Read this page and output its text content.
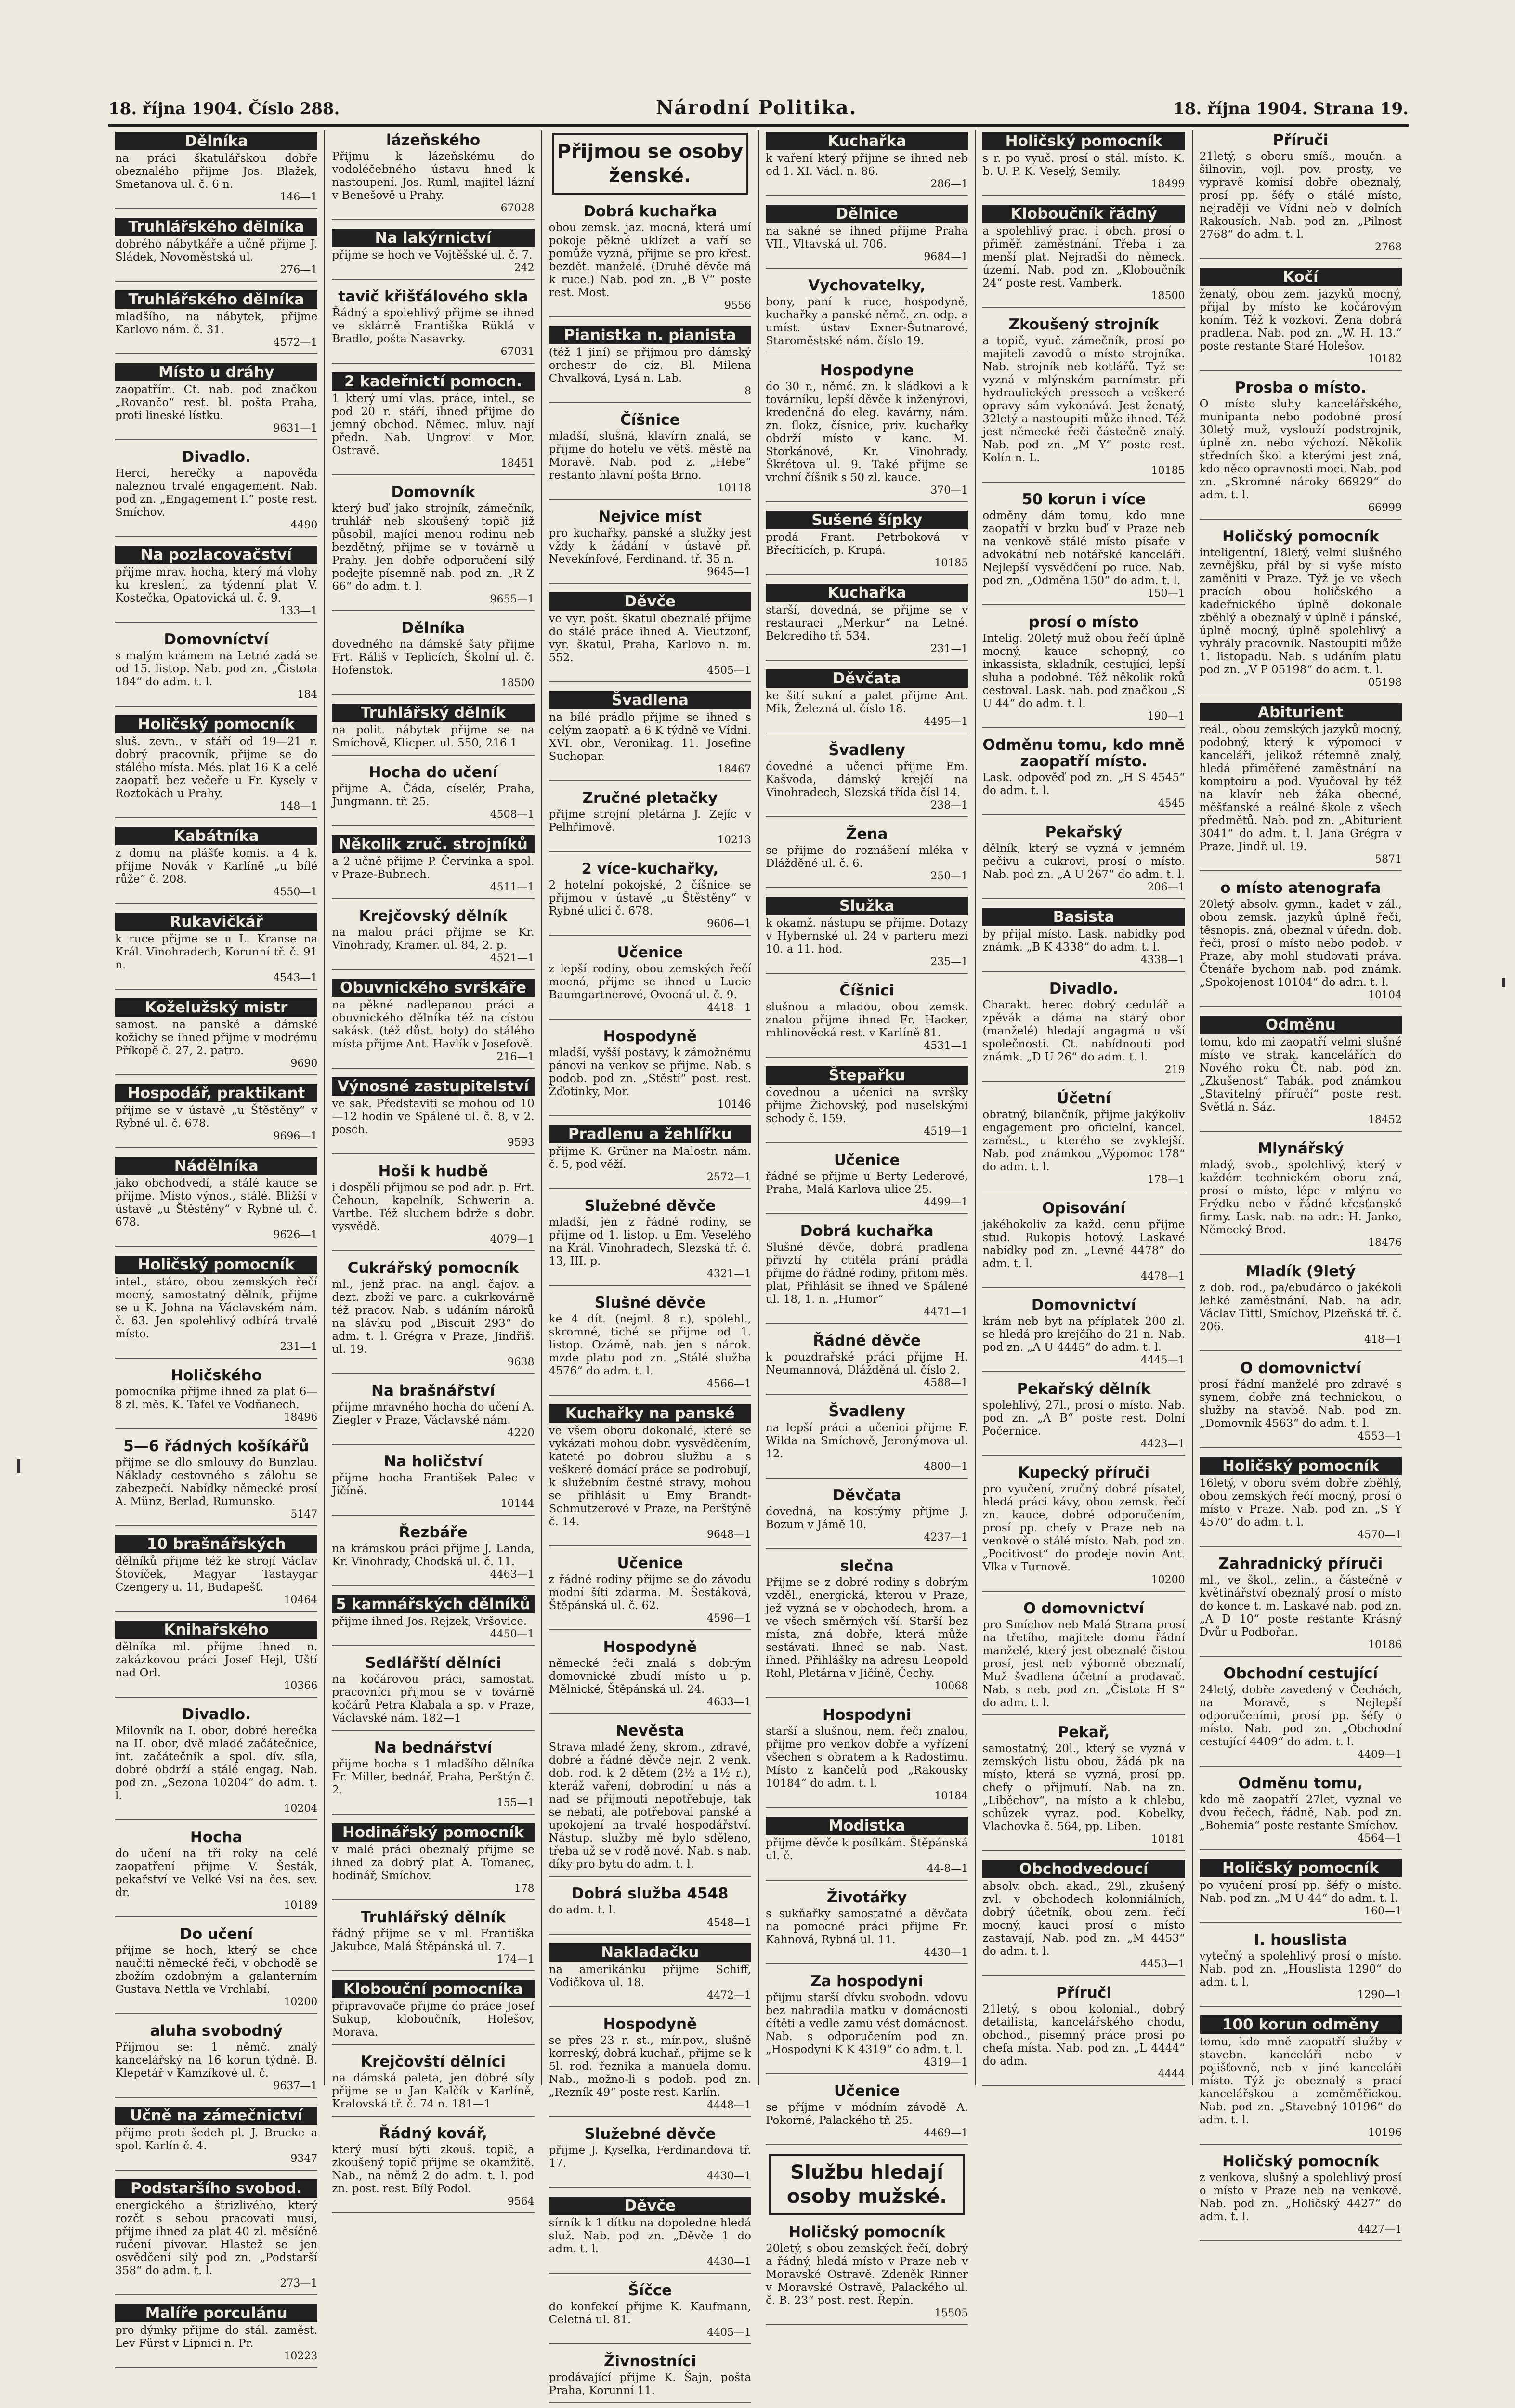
18. října 1904. Číslo 288.	Národní Politika.	18. října 1904. Strana 19.
Dělníka

na práci škatulářskou dobře obeznalého přijme Jos. Blažek, Smetanova ul. č. 6 n.

146—1
Truhlářského dělníka

dobrého nábytkáře a učně přijme J. Sládek, Novoměstská ul.

276—1
Truhlářského dělníka

mladšího, na nábytek, přijme Karlovo nám. č. 31.

4572—1
Místo u dráhy

zaopatřím. Ct. nab. pod značkou „Rovančo“ rest. bl. pošta Praha, proti lineské lístku.

9631—1
Divadlo.

Herci, herečky a napověda naleznou trvalé engagement. Nab. pod zn. „Engagement I.“ poste rest. Smíchov.

4490
Na pozlacovačství

přijme mrav. hocha, který má vlohy ku kreslení, za týdenní plat V. Kostečka, Opatovická ul. č. 9.

133—1
Domovníctví

s malým krámem na Letné zadá se od 15. listop. Nab. pod zn. „Čistota 184“ do adm. t. l.

184
Holičský pomocník

sluš. zevn., v stáří od 19—21 r. dobrý pracovník, přijme se do stálého místa. Més. plat 16 K a celé zaopatř. bez večeře u Fr. Kysely v Roztokách u Prahy.

148—1
Kabátníka

z domu na plášťe komis. a 4 k. přijme Novák v Karlíně „u bílé růže“ č. 208.

4550—1
Rukavičkář

k ruce přijme se u L. Kranse na Král. Vinohradech, Korunní tř. č. 91 n.

4543—1
Koželužský mistr

samost. na panské a dámské kožichy se ihned přijme v modrému Příkopě č. 27, 2. patro.

9690
Hospodář, praktikant

přijme se v ústavě „u Štěstěny“ v Rybné ul. č. 678.

9696—1
Nádělníka

jako obchodvedí, a stálé kauce se přijme. Místo výnos., stálé. Bližší v ústavě „u Štěstěny“ v Rybné ul. č. 678.

9626—1
Holičský pomocník

intel., stáro, obou zemských řečí mocný, samostatný dělník, přijme se u K. Johna na Václavském nám. č. 63. Jen spolehlivý odbírá trvalé místo.

231—1
Holičského

pomocníka přijme ihned za plat 6—8 zl. měs. K. Tafel ve Vodňanech.

18496
5—6 řádných košíkářů

přijme se dlo smlouvy do Bunzlau. Náklady cestovného s zálohu se zabezpečí. Nabídky německé prosí A. Münz, Berlad, Rumunsko.

5147
10 brašnářských

dělníků přijme též ke strojí Václav Štovíček, Magyar Tastaygar Czengery u. 11, Budapešť.

10464
Knihařského

dělníka ml. přijme ihned n. zakázkovou práci Josef Hejl, Uští nad Orl.

10366
Divadlo.

Milovník na I. obor, dobré herečka na II. obor, dvě mladé začátečnice, int. začátečník a spol. dív. síla, dobré obdrží a stálé engag. Nab. pod zn. „Sezona 10204“ do adm. t. l.

10204
Hocha

do učení na tři roky na celé zaopatření přijme V. Šesták, pekařství ve Velké Vsi na čes. sev. dr.

10189
Do učení

přijme se hoch, který se chce naučiti německé řeči, v obchodě se zbožím ozdobným a galanterním Gustava Nettla ve Vrchlabí.

10200
aluha svobodný

Přijmou se: 1 němč. znalý kancelářský na 16 korun týdně. B. Klepetář v Kamzíkové ul. č.

9637—1
Učně na zámečnictví

přijme proti šedeh pl. J. Brucke a spol. Karlín č. 4.

9347
Podstaršího svobod.

energického a štrizlivého, který rozčt s sebou pracovati musí, přijme ihned za plat 40 zl. měsíčně ručení pivovar. Hlastež se jen osvědčení silý pod zn. „Podstarší 358“ do adm. t. l.

273—1
Malíře porculánu

pro dýmky přijme do stál. zaměst. Lev Fürst v Lipnici n. Pr.

10223
lázeňského

Přijmu k lázeňskému do vodoléčebného ústavu hned k nastoupení. Jos. Ruml, majitel lázní v Benešově u Prahy.

67028
Na lakýrnictví

přijme se hoch ve Vojtěšské ul. č. 7.

242
tavič křišťálového skla

Řádný a spolehlivý přijme se ihned ve sklárně Františka Rüklá v Bradlo, pošta Nasavrky.

67031
2 kadeřnictí pomocn.

1 který umí vlas. práce, intel., se pod 20 r. stáří, ihned přijme do jemný obchod. Němec. mluv. nají předn. Nab. Ungrovi v Mor. Ostravě.

18451
Domovník

který buď jako strojník, zámečník, truhlář neb skoušený topič již působil, majíci menou rodinu neb bezdětný, přijme se v továrně u Prahy. Jen dobře odporučení silý podejte písemně nab. pod zn. „R Z 66“ do adm. t. l.

9655—1
Dělníka

dovedného na dámské šaty přijme Frt. Ráliš v Teplicích, Školní ul. č. Hofenstok.

18500
Truhlářský dělník

na polit. nábytek přijme se na Smíchově, Klicper. ul. 550, 216 1

Hocha do učení

přijme A. Čáda, císelér, Praha, Jungmann. tř. 25.

4508—1
Několik zruč. strojníků

a 2 učně přijme P. Červinka a spol. v Praze-Bubnech.

4511—1
Krejčovský dělník

na malou práci přijme se Kr. Vinohrady, Kramer. ul. 84, 2. p.

4521—1
Obuvnického svrškáře

na pěkné nadlepanou práci a obuvnického dělníka též na cístou sakásk. (též důst. boty) do stálého místa přijme Ant. Havlík v Josefově.

216—1
Výnosné zastupitelství

ve sak. Představiti se mohou od 10—12 hodin ve Spálené ul. č. 8, v 2. posch.

9593
Hoši k hudbě

i dospělí přijmou se pod adr. p. Frt. Čehoun, kapelník, Schwerin a. Vartbe. Též sluchem bdrže s dobr. vysvědě.

4079—1
Cukrářský pomocník

ml., jenž prac. na angl. čajov. a dezt. zboží ve parc. a cukrkovárně též pracov. Nab. s udáním nároků na slávku pod „Biscuit 293“ do adm. t. l. Grégra v Praze, Jindřiš. ul. 19.

9638
Na brašnářství

přijme mravného hocha do učení A. Ziegler v Praze, Václavské nám.

4220
Na holičství

přijme hocha František Palec v Jičíně.

10144
Řezbáře

na krámskou práci přijme J. Landa, Kr. Vinohrady, Chodská ul. č. 11.

4463—1
5 kamnářských dělníků

přijme ihned Jos. Rejzek, Vršovice.

4450—1
Sedlářští dělníci

na kočárovou práci, samostat. pracovníci přijmou se v továrně kočárů Petra Klabala a sp. v Praze, Václavské nám. 182—1

Na bednářství

přijme hocha s 1 mladšího dělníka Fr. Miller, bednář, Praha, Perštýn č. 2.

155—1
Hodinářský pomocník

v malé práci obeznalý přijme se ihned za dobrý plat A. Tomanec, hodinář, Smíchov.

178
Truhlářský dělník

řádný přijme se v ml. Františka Jakubce, Malá Štěpánská ul. 7.

174—1
Klobouční pomocníka

připravovače přijme do práce Josef Sukup, kloboučník, Holešov, Morava.

Krejčovští dělníci

na dámská paleta, jen dobré síly přijme se u Jan Kalčík v Karlíně, Kralovská tř. č. 74 n. 181—1

Řádný kovář,

který musí býti zkouš. topič, a zkoušený topič přijme se okamžitě. Nab., na němž 2 do adm. t. l. pod zn. post. rest. Bílý Podol.

9564
Přijmou se osoby ženské.
Dobrá kuchařka

obou zemsk. jaz. mocná, která umí pokoje pěkné uklízet a vaří se pomůže vyzná, přijme se pro křest. bezdět. manželé. (Druhé děvče má k ruce.) Nab. pod zn. „B V“ poste rest. Most.

9556
Pianistka n. pianista

(též 1 jiní) se přijmou pro dámský orchestr do cíz. Bl. Milena Chvalková, Lysá n. Lab.

8
Číšnice

mladší, slušná, klavírn znalá, se přijme do hotelu ve větš. městě na Moravě. Nab. pod z. „Hebe“ restanto hlavní pošta Brno.

10118
Nejvice míst

pro kuchařky, panské a služky jest vždy k žádání v ústavě př. Nevekínfové, Ferdinand. tř. 35 n.

9645—1
Děvče

ve vyr. pošt. škatul obeznalé přijme do stálé práce ihned A. Vieutzonf, vyr. škatul, Praha, Karlovo n. m. 552.

4505—1
Švadlena

na bílé prádlo přijme se ihned s celým zaopatř. a 6 K týdně ve Vídni. XVI. obr., Veronikag. 11. Josefine Suchopar.

18467
Zručné pletačky

přijme strojní pletárna J. Zejíc v Pelhřimově.

10213
2 více-kuchařky,

2 hotelní pokojské, 2 číšnice se přijmou v ústavě „u Štěstěny“ v Rybné ulici č. 678.

9606—1
Učenice

z lepší rodiny, obou zemských řečí mocná, přijme se ihned u Lucie Baumgartnerové, Ovocná ul. č. 9.

4418—1
Hospodyně

mladší, vyšší postavy, k zámožnému pánovi na venkov se přijme. Nab. s podob. pod zn. „Stěstí“ post. rest. Žďotinky, Mor.

10146
Pradlenu a žehlířku

přijme K. Grüner na Malostr. nám. č. 5, pod věží.

2572—1
Služebné děvče

mladší, jen z řádné rodiny, se přijme od 1. listop. u Em. Veselého na Král. Vinohradech, Slezská tř. č. 13, III. p.

4321—1
Slušné děvče

ke 4 dít. (nejml. 8 r.), spolehl., skromné, tiché se přijme od 1. listop. Ozámě, nab. jen s nárok. mzde platu pod zn. „Stálé služba 4576“ do adm. t. l.

4566—1
Kuchařky na panské

ve všem oboru dokonalé, které se vykázati mohou dobr. vysvědčením, kateté po dobrou službu a s veškeré domácí práce se podrobují, k služebním čestné stravy, mohou se přihlásit u Emy Brandt-Schmutzerové v Praze, na Perštýně č. 14.

9648—1
Učenice

z řádné rodiny přijme se do závodu modní šíti zdarma. M. Šestáková, Štěpánská ul. č. 62.

4596—1
Hospodyně

německé řeči znalá s dobrým domovnické zbudí místo u p. Mělnické, Štěpánská ul. 24.

4633—1
Nevěsta

Strava mladé ženy, skrom., zdravé, dobré a řádné děvče nejr. 2 venk. dob. rod. k 2 dětem (2½ a 1½ r.), kteráž vaření, dobrodiní u nás a nad se přijmouti nepotřebuje, tak se nebati, ale potřeboval panské a upokojení na trvalé hospodářství. Nástup. služby mě bylo sděleno, třeba už se v rodě nové. Nab. s nab. díky pro bytu do adm. t. l.

Dobrá služba 4548

do adm. t. l.

4548—1
Nakladačku

na amerikánku přijme Schiff, Vodičkova ul. 18.

4472—1
Hospodyně

se přes 23 r. st., mír.pov., slušně korreský, dobrá kuchař., přijme se k 5l. rod. řeznika a manuela domu. Nab., možno-li s podob. pod zn. „Rezník 49“ poste rest. Karlín.

4448—1
Služebné děvče

přijme J. Kyselka, Ferdinandova tř. 17.

4430—1
Děvče

sírník k 1 dítku na dopoledne hledá služ. Nab. pod zn. „Děvče 1 do adm. t. l.

4430—1
Šíčce

do konfekcí přijme K. Kaufmann, Celetná ul. 81.

4405—1
Živnostníci

prodávající přijme K. Šajn, pošta Praha, Korunní 11.

Kuchařka

k vaření který přijme se ihned neb od 1. XI. Václ. n. 86.

286—1
Dělnice

na sakné se ihned přijme Praha VII., Vltavská ul. 706.

9684—1
Vychovatelky,

bony, paní k ruce, hospodyně, kuchařky a panské němč. zn. odp. a umíst. ústav Exner-Šutnarové, Staroměstské nám. číslo 19.

Hospodyne

do 30 r., němč. zn. k sládkovi a k továrníku, lepší děvče k inženýrovi, kredenčná do eleg. kavárny, nám. zn. ſlokz, čísnice, priv. kuchařky obdrží místo v kanc. M. Storkánové, Kr. Vinohrady, Škrétova ul. 9. Také přijme se vrchní číšnik s 50 zl. kauce.

370—1
Sušené šípky

prodá Frant. Petrboková v Břecíticích, p. Krupá.

10185
Kuchařka

starší, dovedná, se přijme se v restauraci „Merkur“ na Letné. Belcrediho tř. 534.

231—1
Děvčata

ke šití sukní a palet přijme Ant. Mik, Železná ul. číslo 18.

4495—1
Švadleny

dovedné a učenci přijme Em. Kašvoda, dámský krejčí na Vinohradech, Slezská třída čísl 14.

238—1
Žena

se přijme do roznášení mléka v Dlážděné ul. č. 6.

250—1
Služka

k okamž. nástupu se přijme. Dotazy v Hybernské ul. 24 v parteru mezi 10. a 11. hod.

235—1
Číšnici

slušnou a mladou, obou zemsk. znalou přijme ihned Fr. Hacker, mhlinověcká rest. v Karlíně 81.

4531—1
Štepařku

dovednou a učenici na svršky přijme Žichovský, pod nuselskými schody č. 159.

4519—1
Učenice

řádné se přijme u Berty Lederové, Praha, Malá Karlova ulice 25.

4499—1
Dobrá kuchařka

Slušné děvče, dobrá pradlena přivztí hy ctitěla prání prádla přijme do řádné rodiny, přitom měs. plat, Přihlásit se ihned ve Spálené ul. 18, 1. n. „Humor“

4471—1
Řádné děvče

k pouzdrařské práci přijme H. Neumannová, Dlážděná ul. číslo 2.

4588—1
Švadleny

na lepší práci a učenici přijme F. Wilda na Smíchově, Jeronýmova ul. 12.

4800—1
Děvčata

dovedná, na kostýmy přijme J. Bozum v Jámě 10.

4237—1
slečna

Přijme se z dobré rodiny s dobrým vzděl., energická, kterou v Praze, jež vyzná se v obchodech, hrom. a ve všech směrných vší. Starší bez místa, zná dobře, která může sestávati. Ihned se nab. Nast. ihned. Přihlášky na adresu Leopold Rohl, Pletárna v Jičíně, Čechy.

10068
Hospodyni

starší a slušnou, nem. řeči znalou, přijme pro venkov dobře a vyřízení všechen s obratem a k Radostimu. Místo z kančelů pod „Rakousky 10184“ do adm. t. l.

10184
Modistka

přijme děvče k posílkám. Štěpánská ul. č.

44-8—1
Životářky

s sukňařky samostatné a děvčata na pomocné práci přijme Fr. Kahnová, Rybná ul. 11.

4430—1
Za hospodyni

přijmu starší dívku svobodn. vdovu bez nahradila matku v domácnosti dítěti a vedle zamu vést domácnost. Nab. s odporučením pod zn. „Hospodyni K K 4319“ do adm. t. l.

4319—1
Učenice

se příjme v módním závodě A. Pokorné, Palackého tř. 25.

4469—1
Službu hledají osoby mužské.
Holičský pomocník

20letý, s obou zemských řečí, dobrý a řádný, hledá místo v Praze neb v Moravské Ostravě. Zdeněk Rinner v Moravské Ostravě, Palackého ul. č. B. 23“ post. rest. Řepín.

15505
Holičský pomocník

s r. po vyuč. prosí o stál. místo. K. b. U. P. K. Veselý, Semily.

18499
Kloboučník řádný

a spolehlivý prac. i obch. prosí o přiměř. zaměstnání. Třeba i za menší plat. Nejradši do německ. území. Nab. pod zn. „Kloboučník 24“ poste rest. Vamberk.

18500
Zkoušený strojník

a topič, vyuč. zámečník, prosí po majiteli zavodů o místo strojníka. Nab. strojník neb kotlářů. Tyž se vyzná v mlýnském parnímstr. při hydraulických pressech a veškeré opravy sám vykonává. Jest ženatý, 32letý a nastoupiti může ihned. Též jest německé řeči částečně znalý. Nab. pod zn. „M Y“ poste rest. Kolín n. L.

10185
50 korun i více

odměny dám tomu, kdo mne zaopatří v brzku buď v Praze neb na venkově stálé místo písaře v advokátní neb notářské kanceláři. Nejlepší vysvědčení po ruce. Nab. pod zn. „Odměna 150“ do adm. t. l.

150—1
prosí o místo

Intelig. 20letý muž obou řečí úplně mocný, kauce schopný, co inkassista, skladník, cestující, lepší sluha a podobné. Též několik roků cestoval. Lask. nab. pod značkou „S U 44“ do adm. t. l.

190—1
Odměnu tomu, kdo mně zaopatří místo.

Lask. odpověď pod zn. „H S 4545“ do adm. t. l.

4545
Pekařský

dělník, který se vyzná v jemném pečivu a cukrovi, prosí o místo. Nab. pod zn. „A U 267“ do adm. t. l.

206—1
Basista

by přijal místo. Lask. nabídky pod známk. „B K 4338“ do adm. t. l.

4338—1
Divadlo.

Charakt. herec dobrý cedulář a zpěvák a dáma na starý obor (manželé) hledají angagmá u vší společnosti. Ct. nabídnouti pod známk. „D U 26“ do adm. t. l.

219
Účetní

obratný, bilančník, přijme jakýkoliv engagement pro oficielní, kancel. zaměst., u kterého se zvyklejší. Nab. pod známkou „Výpomoc 178“ do adm. t. l.

178—1
Opisování

jakéhokoliv za každ. cenu přijme stud. Rukopis hotový. Laskavé nabídky pod zn. „Levné 4478“ do adm. t. l.

4478—1
Domovnictví

krám neb byt na příplatek 200 zl. se hledá pro krejčího do 21 n. Nab. pod zn. „A U 4445“ do adm. t. l.

4445—1
Pekařský dělník

spolehlivý, 27l., prosí o místo. Nab. pod zn. „A B“ poste rest. Dolní Počernice.

4423—1
Kupecký příruči

pro vyučení, zručný dobrá písatel, hledá práci kávy, obou zemsk. řečí zn. kauce, dobré odporučením, prosí pp. chefy v Praze neb na venkově o stálé místo. Nab. pod zn. „Pocitivost“ do prodeje novin Ant. Vlka v Turnově.

10200
O domovnictví

pro Smíchov neb Malá Strana prosí na třetího, majitele domu řádní manželé, který jest obeznalé čistou prosí, jest neb výborně obeznalí, Muž švadlena účetní a prodavač. Nab. s neb. pod zn. „Čistota H S“ do adm. t. l.

Pekař,

samostatný, 20l., který se vyzná v zemských listu obou, žádá pk na místo, která se vyzná, prosí pp. chefy o přijmutí. Nab. na zn. „Liběchov“, na místo a k chlebu, schůzek vyraz. pod. Kobelky, Vlachovka č. 564, pp. Liben.

10181
Obchodvedoucí

absolv. obch. akad., 29l., zkušený zvl. v obchodech kolonniálních, dobrý účetník, obou zem. řečí mocný, kauci prosí o místo zastavají, Nab. pod zn. „M 4453“ do adm. t. l.

4453—1
Příruči

21letý, s obou kolonial., dobrý detailista, kancelářského chodu, obchod., pisemný práce prosi po chefa místa. Nab. pod zn. „L 4444“ do adm.

4444
Příruči

21letý, s oboru smíš., moučn. a šilnovin, vojl. pov. prosty, ve vypravě komisí dobře obeznalý, prosí pp. šéfy o stálé místo, nejraději ve Vídni neb v dolních Rakousích. Nab. pod zn. „Pilnost 2768“ do adm. t. l.

2768
Kočí

ženatý, obou zem. jazyků mocný, přijal by místo ke kočárovým koním. Též k vozkovi. Žena dobrá pradlena. Nab. pod zn. „W. H. 13.“ poste restante Staré Holešov.

10182
Prosba o místo.

O místo sluhy kancelářského, munipanta nebo podobné prosí 30letý muž, vyslouží podstrojnik, úplně zn. nebo výchozí. Několik středních škol a kterými jest zná, kdo něco opravnosti moci. Nab. pod zn. „Skromné nároky 66929“ do adm. t. l.

66999
Holičský pomocník

inteligentní, 18letý, velmi slušného zevnějšku, přál by si vyše místo zaměniti v Praze. Týž je ve všech pracích obou holičského a kadeřnického úplně dokonale zběhlý a obeznalý v úplně i pánské, úplně mocný, úplně spolehlivý a vyhrály pracovník. Nastoupiti může 1. listopadu. Nab. s udáním platu pod zn. „V P 05198“ do adm. t. l.

05198
Abiturient

reál., obou zemských jazyků mocný, podobný, který k výpomoci v kanceláři, jelikož rétemně znalý, hledá přiměřené zaměstnání na komptoiru a pod. Vyučoval by též na klavír neb žáka obecné, měšťanské a reálné škole z všech předmětů. Nab. pod zn. „Abiturient 3041“ do adm. t. l. Jana Grégra v Praze, Jindř. ul. 19.

5871
o místo atenografa

20letý absolv. gymn., kadet v zál., obou zemsk. jazyků úplně řeči, těsnopis. zná, obeznal v úředn. dob. řeči, prosí o místo nebo podob. v Praze, aby mohl studovati práva. Čtenáře bychom nab. pod známk. „Spokojenost 10104“ do adm. t. l.

10104
Odměnu

tomu, kdo mi zaopatří velmi slušné místo ve strak. kancelářích do Nového roku Čt. nab. pod zn. „Zkušenost“ Tabák. pod známkou „Stavitelný příručí“ poste rest. Světlá n. Sáz.

18452
Mlynářský

mladý, svob., spolehlivý, který v každém technickém oboru zná, prosí o místo, lépe v mlýnu ve Frýdku nebo v řádné křesťanské firmy. Lask. nab. na adr.: H. Janko, Německý Brod.

18476
Mladík (9letý

z dob. rod., pa/ebuđárco o jakékoli lehké zaměstnání. Nab. na adr. Václav Tittl, Smíchov, Plzeňská tř. č. 206.

418—1
O domovnictví

prosí řádní manželé pro zdravé s synem, dobře zná technickou, o služby na stavbě. Nab. pod zn. „Domovník 4563“ do adm. t. l.

4553—1
Holičský pomocník

16letý, v oboru svém dobře zběhlý, obou zemských řečí mocný, prosí o místo v Praze. Nab. pod zn. „S Y 4570“ do adm. t. l.

4570—1
Zahradnický příruči

ml., ve škol., zelin., a částečně v květinářství obeznalý prosí o místo do konce t. m. Laskavé nab. pod zn. „A D 10“ poste restante Krásný Dvůr u Podbořan.

10186
Obchodní cestující

24letý, dobře zavedený v Čechách, na Moravě, s Nejlepší odporučeními, prosí pp. šéfy o místo. Nab. pod zn. „Obchodní cestující 4409“ do adm. t. l.

4409—1
Odměnu tomu,

kdo mě zaopatří 27let, vyznal ve dvou řečech, řádně, Nab. pod zn. „Bohemia“ poste restante Smíchov.

4564—1
Holičský pomocník

po vyučení prosí pp. šéfy o místo. Nab. pod zn. „M U 44“ do adm. t. l.

160—1
I. houslista

vytečný a spolehlivý prosí o místo. Nab. pod zn. „Houslista 1290“ do adm. t. l.

1290—1
100 korun odměny

tomu, kdo mně zaopatří služby v stavebn. kanceláři nebo v pojišťovně, neb v jiné kanceláři místo. Týž je obeznalý s prací kancelářskou a zeměměřickou. Nab. pod zn. „Stavebný 10196“ do adm. t. l.

10196
Holičský pomocník

z venkova, slušný a spolehlivý prosí o místo v Praze neb na venkově. Nab. pod zn. „Holičský 4427“ do adm. t. l.

4427—1
